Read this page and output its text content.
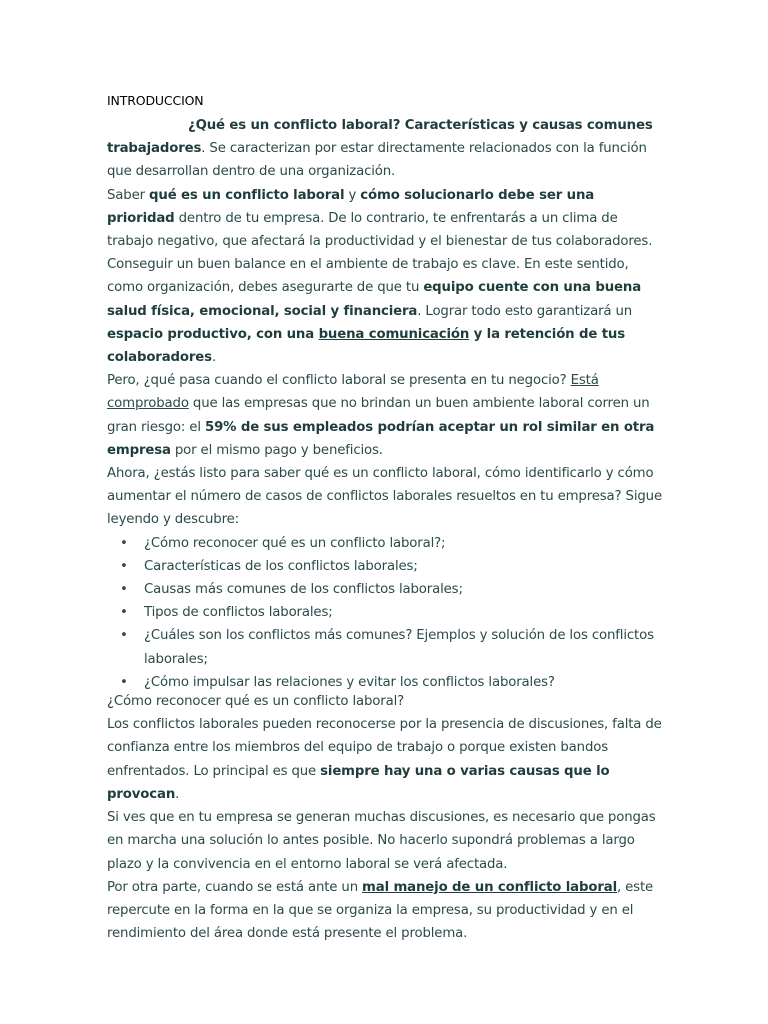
INTRODUCCION

¿Qué es un conflicto laboral? Características y causas comunes trabajadores. Se caracterizan por estar directamente relacionados con la función que desarrollan dentro de una organización.

Saber qué es un conflicto laboral y cómo solucionarlo debe ser una prioridad dentro de tu empresa. De lo contrario, te enfrentarás a un clima de trabajo negativo, que afectará la productividad y el bienestar de tus colaboradores.

Conseguir un buen balance en el ambiente de trabajo es clave. En este sentido, como organización, debes asegurarte de que tu equipo cuente con una buena salud física, emocional, social y financiera. Lograr todo esto garantizará un espacio productivo, con una buena comunicación y la retención de tus colaboradores.

Pero, ¿qué pasa cuando el conflicto laboral se presenta en tu negocio? Está comprobado que las empresas que no brindan un buen ambiente laboral corren un gran riesgo: el 59% de sus empleados podrían aceptar un rol similar en otra empresa por el mismo pago y beneficios.

Ahora, ¿estás listo para saber qué es un conflicto laboral, cómo identificarlo y cómo aumentar el número de casos de conflictos laborales resueltos en tu empresa? Sigue leyendo y descubre:

• ¿Cómo reconocer qué es un conflicto laboral?;
• Características de los conflictos laborales;
• Causas más comunes de los conflictos laborales;
• Tipos de conflictos laborales;
• ¿Cuáles son los conflictos más comunes? Ejemplos y solución de los conflictos laborales;
• ¿Cómo impulsar las relaciones y evitar los conflictos laborales?

¿Cómo reconocer qué es un conflicto laboral?

Los conflictos laborales pueden reconocerse por la presencia de discusiones, falta de confianza entre los miembros del equipo de trabajo o porque existen bandos enfrentados. Lo principal es que siempre hay una o varias causas que lo provocan.

Si ves que en tu empresa se generan muchas discusiones, es necesario que pongas en marcha una solución lo antes posible. No hacerlo supondrá problemas a largo plazo y la convivencia en el entorno laboral se verá afectada.

Por otra parte, cuando se está ante un mal manejo de un conflicto laboral, este repercute en la forma en la que se organiza la empresa, su productividad y en el rendimiento del área donde está presente el problema.
